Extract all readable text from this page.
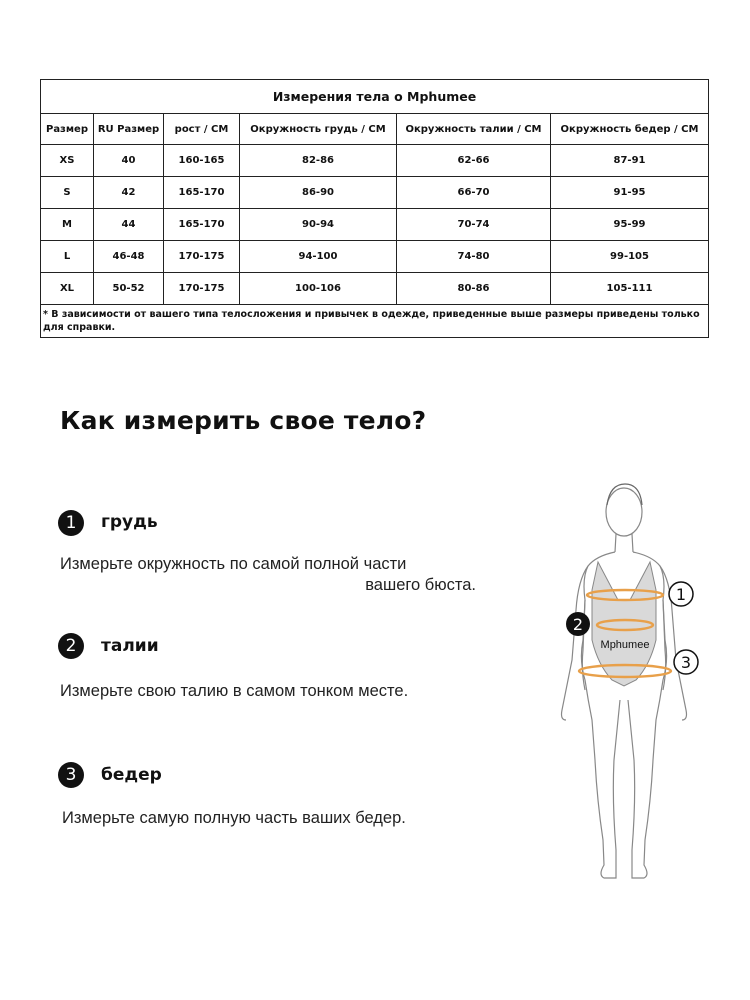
Измерения тела о Mphumee					
Размер	RU Размер	рост / CM	Окружность грудь / CM	Окружность талии / CM	Окружность бедер / CM
XS	40	160-165	82-86	62-66	87-91
S	42	165-170	86-90	66-70	91-95
M	44	165-170	90-94	70-74	95-99
L	46-48	170-175	94-100	74-80	99-105
XL	50-52	170-175	100-106	80-86	105-111
* В зависимости от вашего типа телосложения и привычек в одежде, приведенные выше размеры приведены только для справки.					
Как измерить свое тело?
1	грудь
Измерьте окружность по самой полной части
вашего бюста.
2	талии
Измерьте свою талию в самом тонком месте.
3	бедер
Измерьте самую полную часть ваших бедер.
Mphumee
1
2
3
